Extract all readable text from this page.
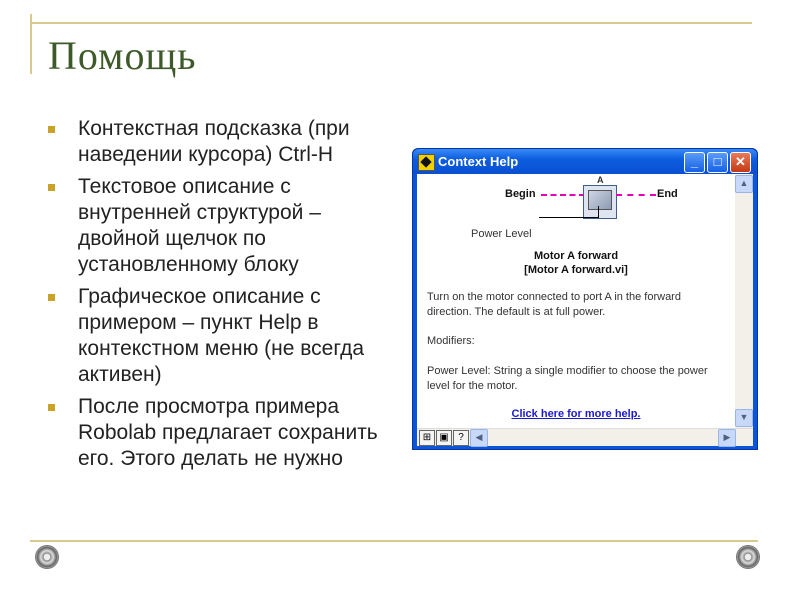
Помощь
Контекстная подсказка (при наведении курсора) Ctrl-H
Текстовое описание с внутренней структурой – двойной щелчок по установленному блоку
Графическое описание с примером – пункт Help в контекстном меню (не всегда активен)
После просмотра примера Robolab предлагает сохранить его. Этого делать не нужно
Context Help	_	□	✕
Begin
A
End
Power Level
Motor A forward
[Motor A forward.vi]
Turn on the motor connected to port A in the forward direction. The default is at full power.
Modifiers:
Power Level: String a single modifier to choose the power level for the motor.
Click here for more help.
▲
▼
⊞ ▣ ?	◀	▶
